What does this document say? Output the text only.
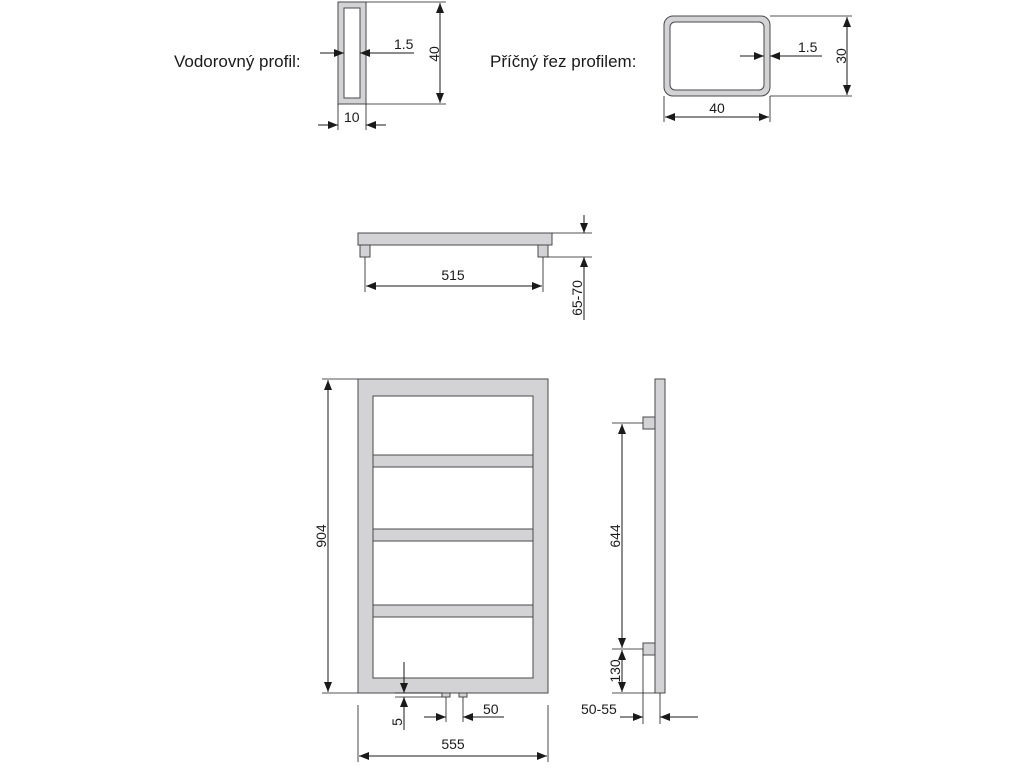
Vodorovný profil:	40
1.5
10
Příčný řez profilem:	30
1.5
40
515
65-70
904
555
5
50
644
130
50-55
